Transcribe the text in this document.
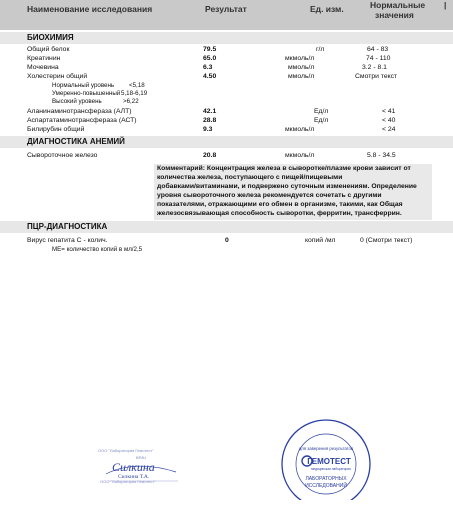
Наименование исследования	Результат	Ед. изм.	Нормальные
значения
|
БИОХИМИЯ
Общий белок	79.5	г/л	64 - 83
Креатинин	65.0	мкмоль/л	74 - 110
Мочевина	6.3	ммоль/л	3.2 - 8.1
Холестерин общий	4.50	ммоль/л	Смотри текст
Нормальный уровень <5,18
Умеренно-повышенный 5,18-6,19
Высокий уровень	>6,22
Аланинаминотрансфераза (АЛТ)	42.1	Ед/л	< 41
Аспартатаминотрансфераза (АСТ)	28.8	Ед/л	< 40
Билирубин общий	9.3	мкмоль/л	< 24
ДИАГНОСТИКА АНЕМИЙ
Сывороточное железо	20.8	мкмоль/л	5.8 - 34.5
Комментарий: Концентрация железа в сыворотке/плазме крови зависит от
количества железа, поступающего с пищей/пищевыми
добавками/витаминами, и подвержено суточным изменениям. Определение
уровня сывороточного железа рекомендуется сочетать с другими
показателями, отражающими его обмен в организме, такими, как Общая
железосвязывающая способность сыворотки, ферритин, трансферрин.
ПЦР-ДИАГНОСТИКА
Вирус гепатита С - колич.	0	копий /мл	0 (Смотри текст)
МЕ= количество копий в мл/2,5
ООО "Лаборатория Гемотест"
ВРАЧ
ООО "Лаборатория Гемотест"
Силкина
Силкина Т.А.
для заверения результатов
ГЕМОТЕСТ
медицинская лаборатория
ЛАБОРАТОРНЫХ
ИССЛЕДОВАНИЙ
